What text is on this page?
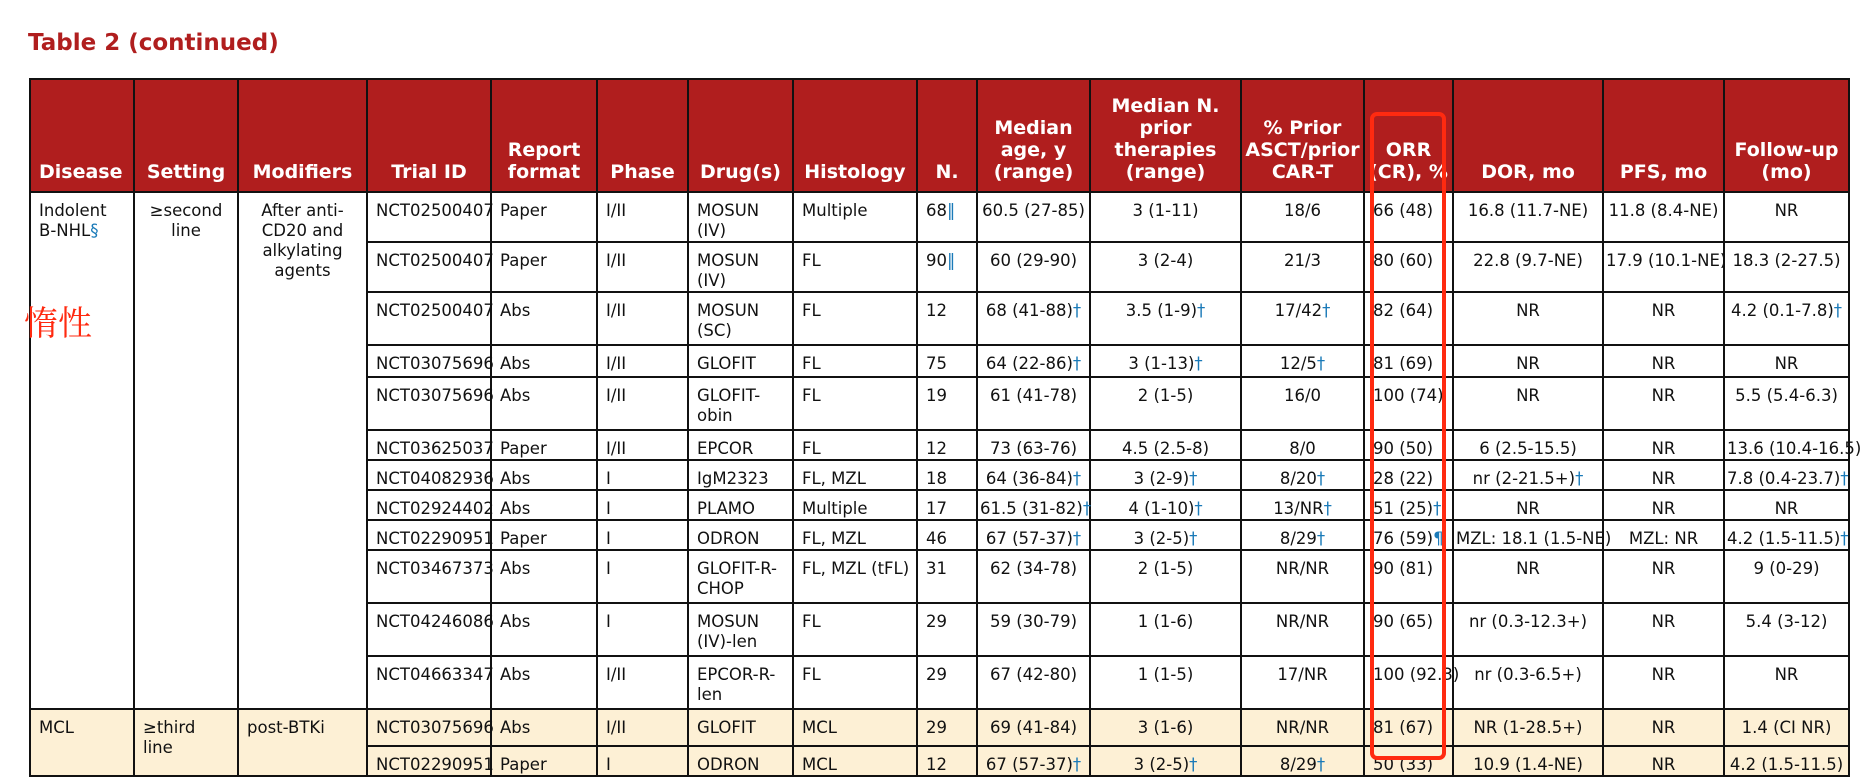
Table 2 (continued)
Disease	Setting	Modifiers	Trial ID	Report format	Phase	Drug(s)	Histology	N.	Median age, y (range)	Median N. prior therapies (range)	% Prior ASCT/prior CAR-T	ORR (CR), %	DOR, mo	PFS, mo	Follow-up (mo)
Indolent B-NHL§	≥second line	After anti-CD20 and alkylating agents	NCT02500407	Paper	I/II	MOSUN (IV)	Multiple	68‖	60.5 (27-85)	3 (1-11)	18/6	66 (48)	16.8 (11.7-NE)	11.8 (8.4-NE)	NR
			NCT02500407	Paper	I/II	MOSUN (IV)	FL	90‖	60 (29-90)	3 (2-4)	21/3	80 (60)	22.8 (9.7-NE)	17.9 (10.1-NE)	18.3 (2-27.5)
			NCT02500407	Abs	I/II	MOSUN (SC)	FL	12	68 (41-88)†	3.5 (1-9)†	17/42†	82 (64)	NR	NR	4.2 (0.1-7.8)†
			NCT03075696	Abs	I/II	GLOFIT	FL	75	64 (22-86)†	3 (1-13)†	12/5†	81 (69)	NR	NR	NR
			NCT03075696	Abs	I/II	GLOFIT-obin	FL	19	61 (41-78)	2 (1-5)	16/0	100 (74)	NR	NR	5.5 (5.4-6.3)
			NCT03625037	Paper	I/II	EPCOR	FL	12	73 (63-76)	4.5 (2.5-8)	8/0	90 (50)	6 (2.5-15.5)	NR	13.6 (10.4-16.5)
			NCT04082936	Abs	I	IgM2323	FL, MZL	18	64 (36-84)†	3 (2-9)†	8/20†	28 (22)	nr (2-21.5+)†	NR	7.8 (0.4-23.7)†
			NCT02924402	Abs	I	PLAMO	Multiple	17	61.5 (31-82)†	4 (1-10)†	13/NR†	51 (25)†	NR	NR	NR
			NCT02290951	Paper	I	ODRON	FL, MZL	46	67 (57-37)†	3 (2-5)†	8/29†	76 (59)¶	MZL: 18.1 (1.5-NE)	MZL: NR	4.2 (1.5-11.5)†
			NCT03467373	Abs	I	GLOFIT-R-CHOP	FL, MZL (tFL)	31	62 (34-78)	2 (1-5)	NR/NR	90 (81)	NR	NR	9 (0-29)
			NCT04246086	Abs	I	MOSUN (IV)-len	FL	29	59 (30-79)	1 (1-6)	NR/NR	90 (65)	nr (0.3-12.3+)	NR	5.4 (3-12)
			NCT04663347	Abs	I/II	EPCOR-R-len	FL	29	67 (42-80)	1 (1-5)	17/NR	100 (92.3)	nr (0.3-6.5+)	NR	NR
MCL	≥third line	post-BTKi	NCT03075696	Abs	I/II	GLOFIT	MCL	29	69 (41-84)	3 (1-6)	NR/NR	81 (67)	NR (1-28.5+)	NR	1.4 (CI NR)
			NCT02290951	Paper	I	ODRON	MCL	12	67 (57-37)†	3 (2-5)†	8/29†	50 (33)	10.9 (1.4-NE)	NR	4.2 (1.5-11.5)
惰性
